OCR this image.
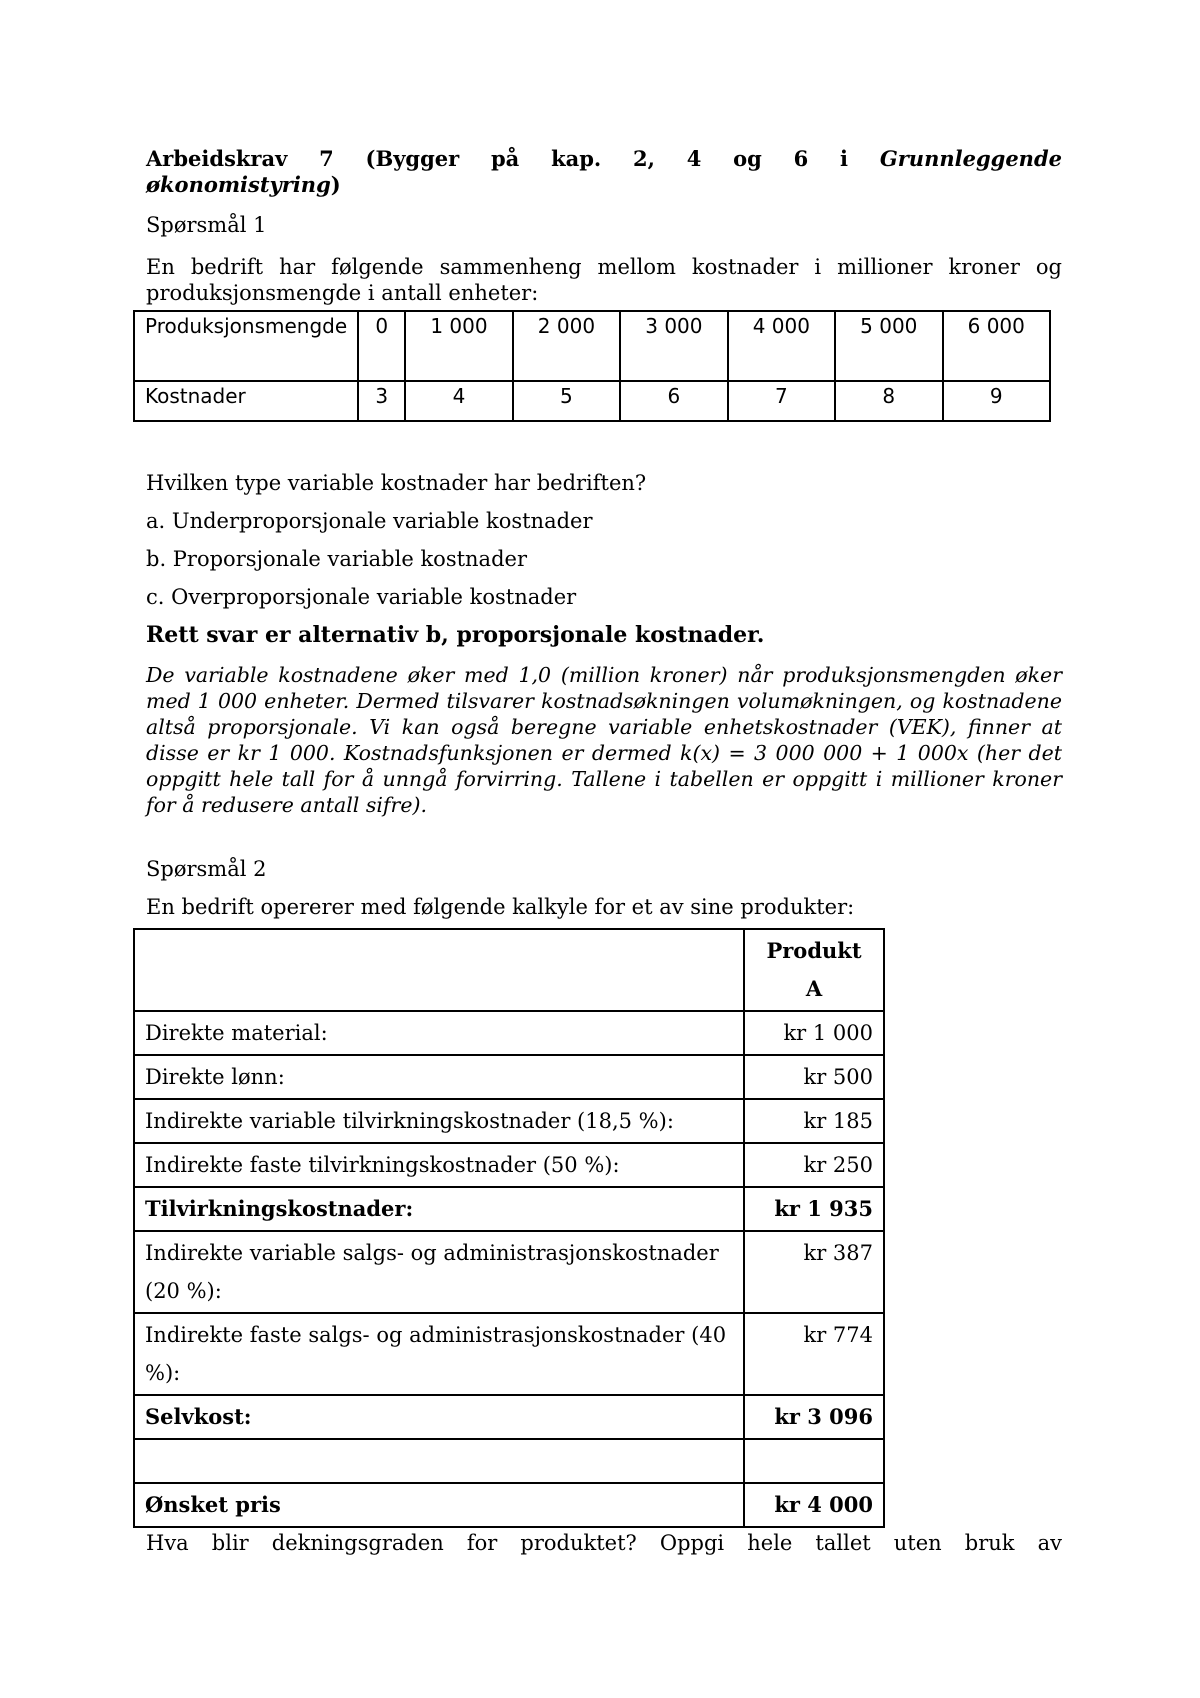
Arbeidskrav 7 (Bygger på kap. 2, 4 og 6 i Grunnleggende
økonomistyring)
Spørsmål 1
En bedrift har følgende sammenheng mellom kostnader i millioner kroner og produksjonsmengde i antall enheter:
Hvilken type variable kostnader har bedriften?
a. Underproporsjonale variable kostnader
b. Proporsjonale variable kostnader
c. Overproporsjonale variable kostnader
Rett svar er alternativ b, proporsjonale kostnader.
De variable kostnadene øker med 1,0 (million kroner) når produksjonsmengden øker med 1 000 enheter. Dermed tilsvarer kostnadsøkningen volumøkningen, og kostnadene altså proporsjonale. Vi kan også beregne variable enhetskostnader (VEK), finner at disse er kr 1 000. Kostnadsfunksjonen er dermed k(x) = 3 000 000 + 1 000x (her det oppgitt hele tall for å unngå forvirring. Tallene i tabellen er oppgitt i millioner kroner for å redusere antall sifre).
Spørsmål 2
En bedrift opererer med følgende kalkyle for et av sine produkter:
Hva blir dekningsgraden for produktet? Oppgi hele tallet uten bruk av
Produksjonsmengde	0	1 000	2 000	3 000	4 000	5 000	6 000
Kostnader	3	4	5	6	7	8	9
	Produkt A
Direkte material:	kr 1 000
Direkte lønn:	kr 500
Indirekte variable tilvirkningskostnader (18,5 %):	kr 185
Indirekte faste tilvirkningskostnader (50 %):	kr 250
Tilvirkningskostnader:	kr 1 935
Indirekte variable salgs- og administrasjonskostnader (20 %):	kr 387
Indirekte faste salgs- og administrasjonskostnader (40 %):	kr 774
Selvkost:	kr 3 096

Ønsket pris	kr 4 000
